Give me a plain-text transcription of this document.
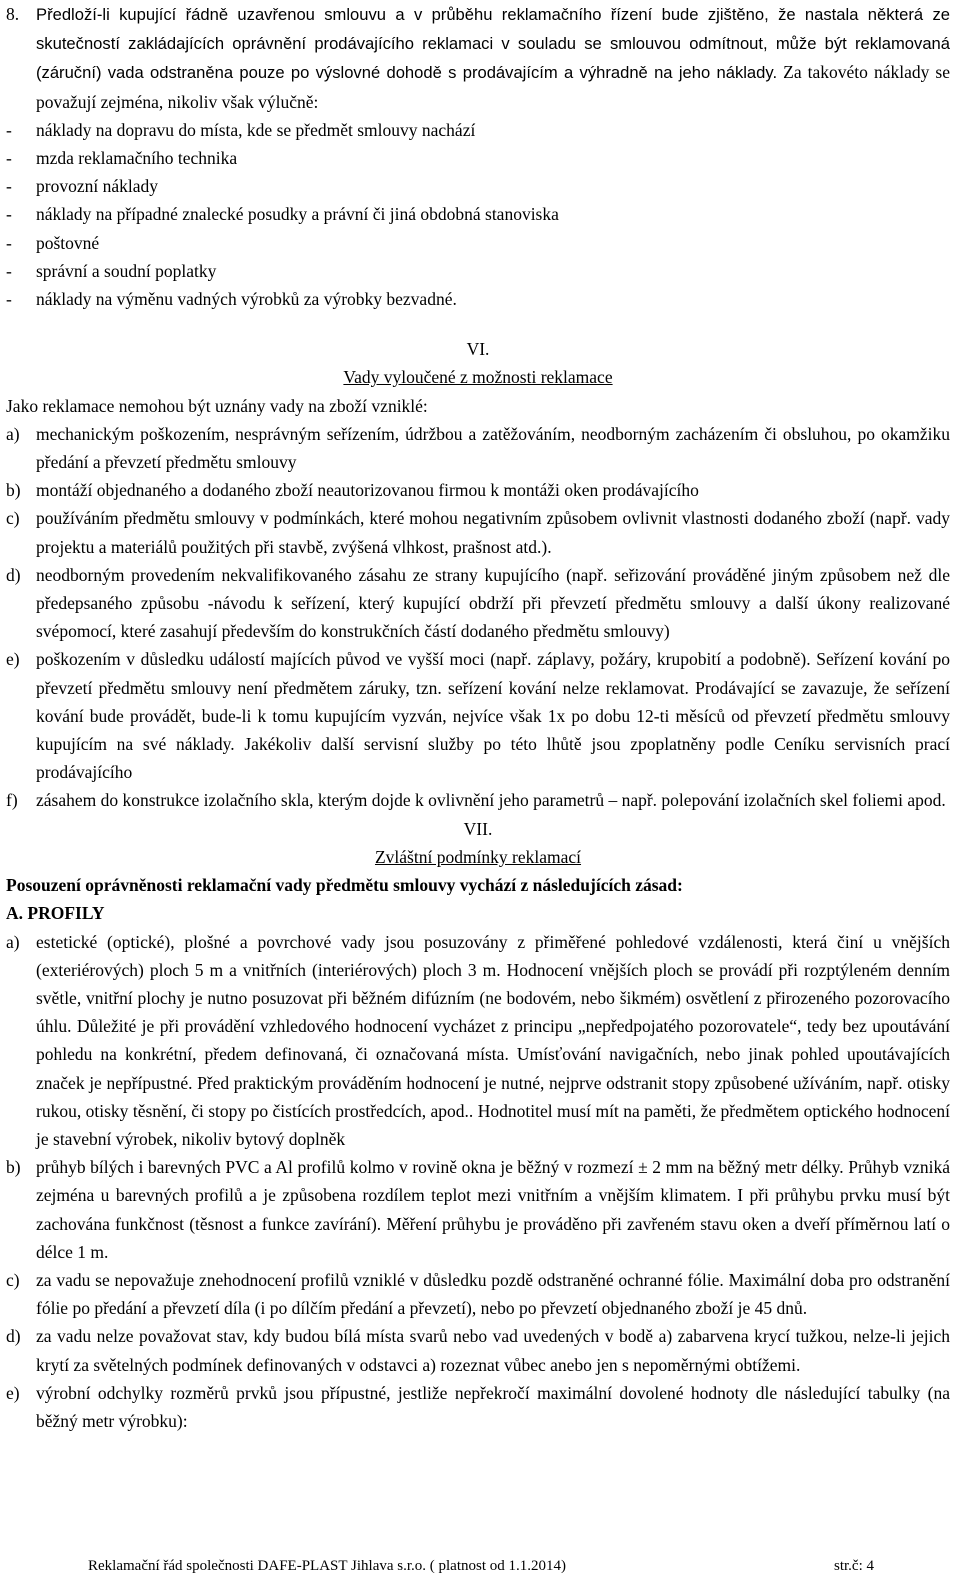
8. Předloží-li kupující řádně uzavřenou smlouvu a v průběhu reklamačního řízení bude zjištěno, že nastala některá ze skutečností zakládajících oprávnění prodávajícího reklamaci v souladu se smlouvou odmítnout, může být reklamovaná (záruční) vada odstraněna pouze po výslovné dohodě s prodávajícím a výhradně na jeho náklady. Za takovéto náklady se považují zejména, nikoliv však výlučně:
- náklady na dopravu do místa, kde se předmět smlouvy nachází
- mzda reklamačního technika
- provozní náklady
- náklady na případné znalecké posudky a právní či jiná obdobná stanoviska
- poštovné
- správní a soudní poplatky
- náklady na výměnu vadných výrobků za výrobky bezvadné.

VI.

Vady vyloučené z možnosti reklamace

Jako reklamace nemohou být uznány vady na zboží vzniklé:

a) mechanickým poškozením, nesprávným seřízením, údržbou a zatěžováním, neodborným zacházením či obsluhou, po okamžiku předání a převzetí předmětu smlouvy
b) montáží objednaného a dodaného zboží neautorizovanou firmou k montáži oken prodávajícího
c) používáním předmětu smlouvy v podmínkách, které mohou negativním způsobem ovlivnit vlastnosti dodaného zboží (např. vady projektu a materiálů použitých při stavbě, zvýšená vlhkost, prašnost atd.).
d) neodborným provedením nekvalifikovaného zásahu ze strany kupujícího (např. seřizování prováděné jiným způsobem než dle předepsaného způsobu -návodu k seřízení, který kupující obdrží při převzetí předmětu smlouvy a další úkony realizované svépomocí, které zasahují především do konstrukčních částí dodaného předmětu smlouvy)
e) poškozením v důsledku událostí majících původ ve vyšší moci (např. záplavy, požáry, krupobití a podobně). Seřízení kování po převzetí předmětu smlouvy není předmětem záruky, tzn. seřízení kování nelze reklamovat. Prodávající se zavazuje, že seřízení kování bude provádět, bude-li k tomu kupujícím vyzván, nejvíce však 1x po dobu 12-ti měsíců od převzetí předmětu smlouvy kupujícím na své náklady. Jakékoliv další servisní služby po této lhůtě jsou zpoplatněny podle Ceníku servisních prací prodávajícího
f) zásahem do konstrukce izolačního skla, kterým dojde k ovlivnění jeho parametrů – např. polepování izolačních skel foliemi apod.

VII.

Zvláštní podmínky reklamací

Posouzení oprávněnosti reklamační vady předmětu smlouvy vychází z následujících zásad:

A. PROFILY

a) estetické (optické), plošné a povrchové vady jsou posuzovány z přiměřené pohledové vzdálenosti, která činí u vnějších (exteriérových) ploch 5 m a vnitřních (interiérových) ploch 3 m. Hodnocení vnějších ploch se provádí při rozptýleném denním světle, vnitřní plochy je nutno posuzovat při běžném difúzním (ne bodovém, nebo šikmém) osvětlení z přirozeného pozorovacího úhlu. Důležité je při provádění vzhledového hodnocení vycházet z principu „nepředpojatého pozorovatele“, tedy bez upoutávání pohledu na konkrétní, předem definovaná, či označovaná místa. Umísťování navigačních, nebo jinak pohled upoutávajících značek je nepřípustné. Před praktickým prováděním hodnocení je nutné, nejprve odstranit stopy způsobené užíváním, např. otisky rukou, otisky těsnění, či stopy po čistících prostředcích, apod.. Hodnotitel musí mít na paměti, že předmětem optického hodnocení je stavební výrobek, nikoliv bytový doplněk
b) průhyb bílých i barevných PVC a Al profilů kolmo v rovině okna je běžný v rozmezí ± 2 mm na běžný metr délky. Průhyb vzniká zejména u barevných profilů a je způsobena rozdílem teplot mezi vnitřním a vnějším klimatem. I při průhybu prvku musí být zachována funkčnost (těsnost a funkce zavírání). Měření průhybu je prováděno při zavřeném stavu oken a dveří příměrnou latí o délce 1 m.
c) za vadu se nepovažuje znehodnocení profilů vzniklé v důsledku pozdě odstraněné ochranné fólie. Maximální doba pro odstranění fólie po předání a převzetí díla (i po dílčím předání a převzetí), nebo po převzetí objednaného zboží je 45 dnů.
d) za vadu nelze považovat stav, kdy budou bílá místa svarů nebo vad uvedených v bodě a) zabarvena krycí tužkou, nelze-li jejich krytí za světelných podmínek definovaných v odstavci a) rozeznat vůbec anebo jen s nepoměrnými obtížemi.
e) výrobní odchylky rozměrů prvků jsou přípustné, jestliže nepřekročí maximální dovolené hodnoty dle následující tabulky (na běžný metr výrobku):
Reklamační řád společnosti DAFE-PLAST Jihlava s.r.o. ( platnost od 1.1.2014)	str.č: 4
